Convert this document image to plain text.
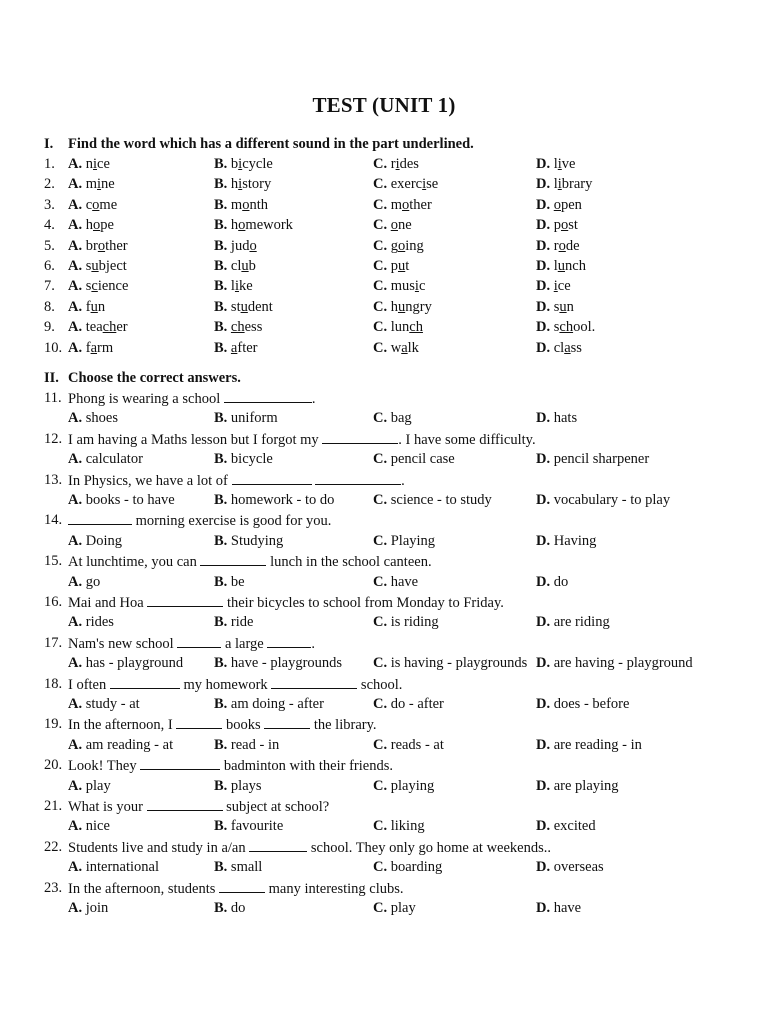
TEST (UNIT 1)
I. Find the word which has a different sound in the part underlined.
1. A. nice	B. bicycle	C. rides	D. live
2. A. mine	B. history	C. exercise	D. library
3. A. come	B. month	C. mother	D. open
4. A. hope	B. homework	C. one	D. post
5. A. brother	B. judo	C. going	D. rode
6. A. subject	B. club	C. put	D. lunch
7. A. science	B. like	C. music	D. ice
8. A. fun	B. student	C. hungry	D. sun
9. A. teacher	B. chess	C. lunch	D. school.
10. A. farm	B. after	C. walk	D. class
II. Choose the correct answers.
11. Phong is wearing a school	.
A. shoes	B. uniform	C. bag	D. hats
12. I am having a Maths lesson but I forgot my	. I have some difficulty.
A. calculator	B. bicycle	C. pencil case	D. pencil sharpener
13. In Physics, we have a lot of	.
A. books - to have	B. homework - to do	C. science - to study	D. vocabulary - to play
14.	morning exercise is good for you.
A. Doing	B. Studying	C. Playing	D. Having
15. At lunchtime, you can	lunch in the school canteen.
A. go	B. be	C. have	D. do
16. Mai and Hoa	their bicycles to school from Monday to Friday.
A. rides	B. ride	C. is riding	D. are riding
17. Nam's new school	a large	.
A. has - playground B. have - playgrounds C. is having - playgrounds D. are having - playground
18. I often	my homework	school.
A. study - at	B. am doing - after	C. do - after	D. does - before
19. In the afternoon, I	books	the library.
A. am reading - at	B. read - in	C. reads - at	D. are reading - in
20. Look! They	badminton with their friends.
A. play	B. plays	C. playing	D. are playing
21. What is your	subject at school?
A. nice	B. favourite	C. liking	D. excited
22. Students live and study in a/an	school. They only go home at weekends..
A. international	B. small	C. boarding	D. overseas
23. In the afternoon, students	many interesting clubs.
A. join	B. do	C. play	D. have
